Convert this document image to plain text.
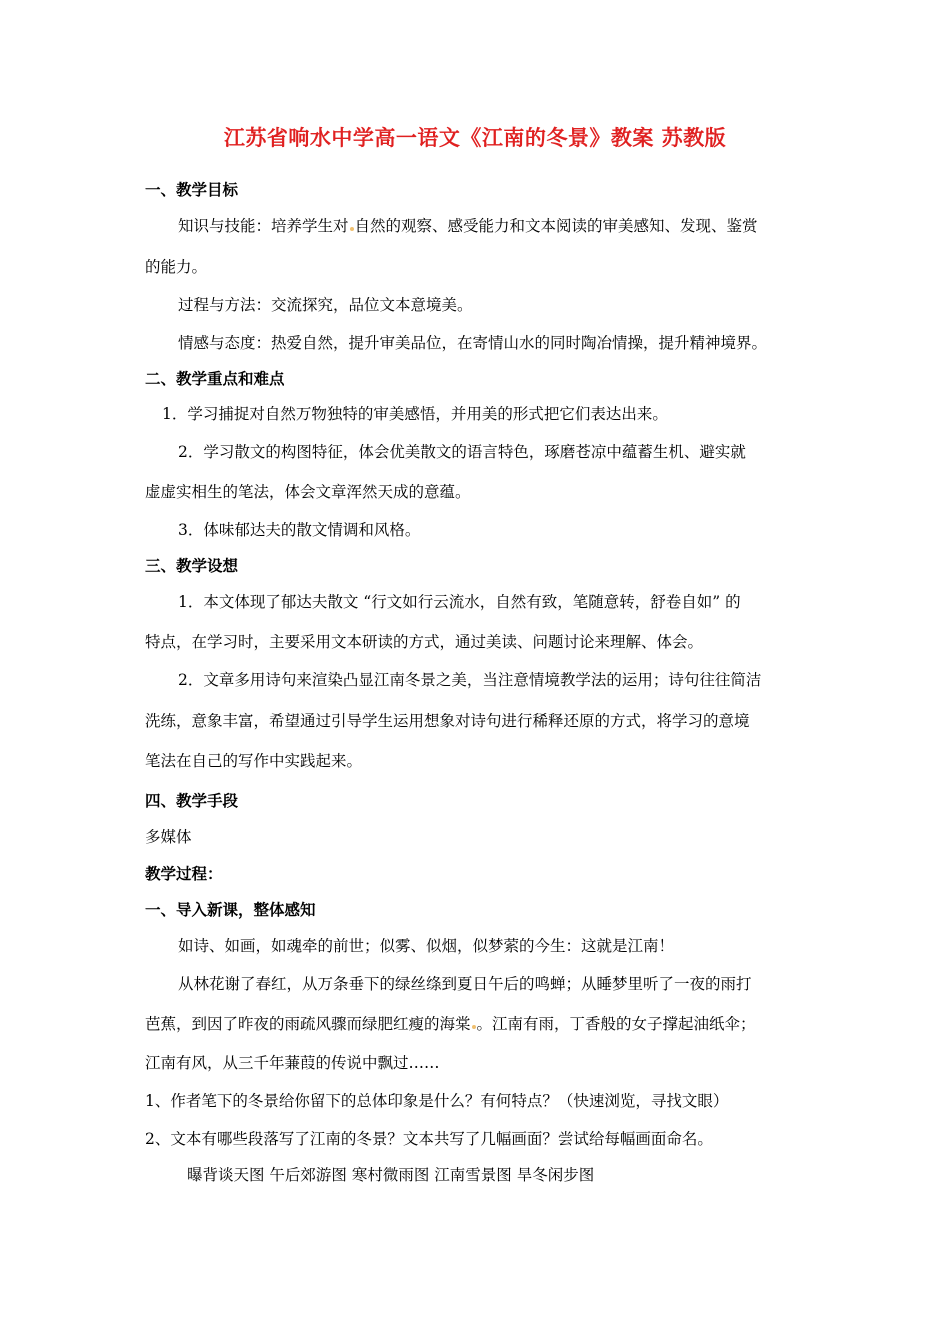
江苏省响水中学高一语文《江南的冬景》教案 苏教版
一、教学目标
知识与技能：培养学生对 自然的观察、感受能力和文本阅读的审美感知、发现、鉴赏
的能力。
过程与方法：交流探究，品位文本意境美。
情感与态度：热爱自然，提升审美品位，在寄情山水的同时陶冶情操，提升精神境界。
二、教学重点和难点
1．学习捕捉对自然万物独特的审美感悟，并用美的形式把它们表达出来。
2．学习散文的构图特征，体会优美散文的语言特色，琢磨苍凉中蕴蓄生机、避实就
虚虚实相生的笔法，体会文章浑然天成的意蕴。
3．体味郁达夫的散文情调和风格。
三、教学设想
1．本文体现了郁达夫散文 “行文如行云流水，自然有致，笔随意转，舒卷自如” 的
特点，在学习时，主要采用文本研读的方式，通过美读、问题讨论来理解、体会。
2．文章多用诗句来渲染凸显江南冬景之美，当注意情境教学法的运用；诗句往往简洁
洗练，意象丰富，希望通过引导学生运用想象对诗句进行稀释还原的方式，将学习的意境
笔法在自己的写作中实践起来。
四、教学手段
多媒体
教学过程：
一、导入新课，整体感知
如诗、如画，如魂牵的前世；似雾、似烟，似梦萦的今生：这就是江南！
从林花谢了春红，从万条垂下的绿丝绦到夏日午后的鸣蝉；从睡梦里听了一夜的雨打
芭蕉，到因了昨夜的雨疏风骤而绿肥红瘦的海棠 。江南有雨，丁香般的女子撑起油纸伞；
江南有风，从三千年蒹葭的传说中飘过……
1、作者笔下的冬景给你留下的总体印象是什么？有何特点？（快速浏览，寻找文眼）
2、文本有哪些段落写了江南的冬景？文本共写了几幅画面？尝试给每幅画面命名。
曝背谈天图 午后郊游图 寒村微雨图 江南雪景图 旱冬闲步图
